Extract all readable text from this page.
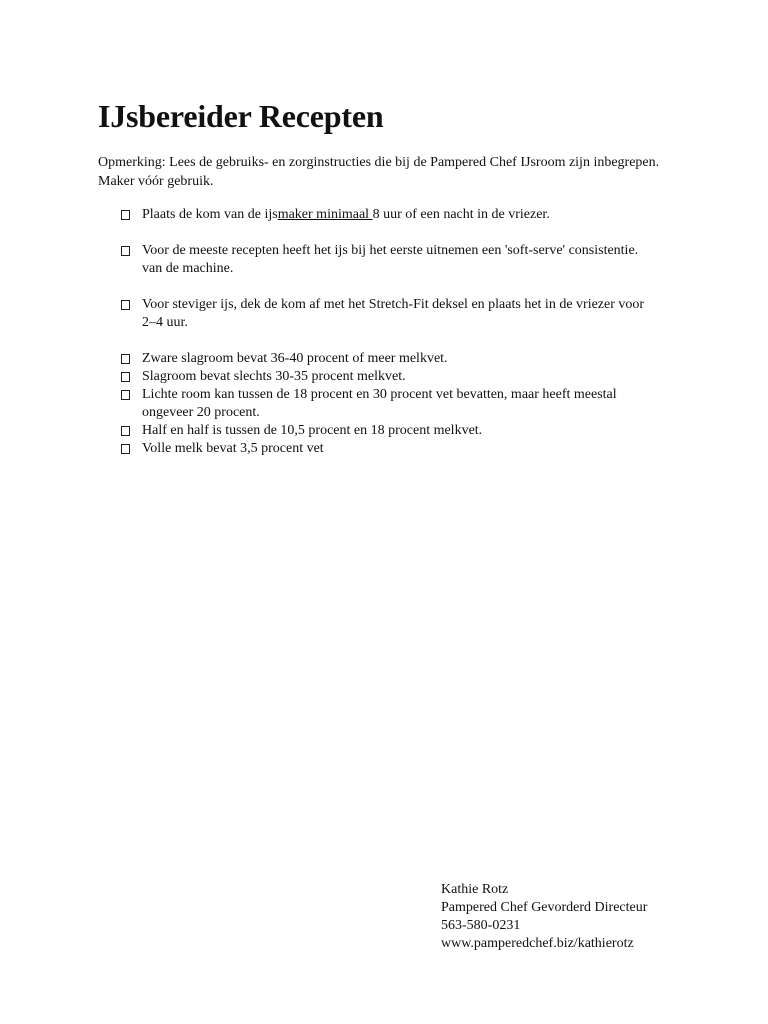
IJsbereider Recepten
Opmerking: Lees de gebruiks- en zorginstructies die bij de Pampered Chef IJsroom zijn inbegrepen.
Maker vóór gebruik.
Plaats de kom van de ijsmaker minimaal 8 uur of een nacht in de vriezer.
Voor de meeste recepten heeft het ijs bij het eerste uitnemen een 'soft-serve' consistentie.
van de machine.
Voor steviger ijs, dek de kom af met het Stretch-Fit deksel en plaats het in de vriezer voor
2–4 uur.
Zware slagroom bevat 36-40 procent of meer melkvet.
Slagroom bevat slechts 30-35 procent melkvet.
Lichte room kan tussen de 18 procent en 30 procent vet bevatten, maar heeft meestal
ongeveer 20 procent.
Half en half is tussen de 10,5 procent en 18 procent melkvet.
Volle melk bevat 3,5 procent vet
Kathie Rotz
Pampered Chef Gevorderd Directeur
563-580-0231
www.pamperedchef.biz/kathierotz
